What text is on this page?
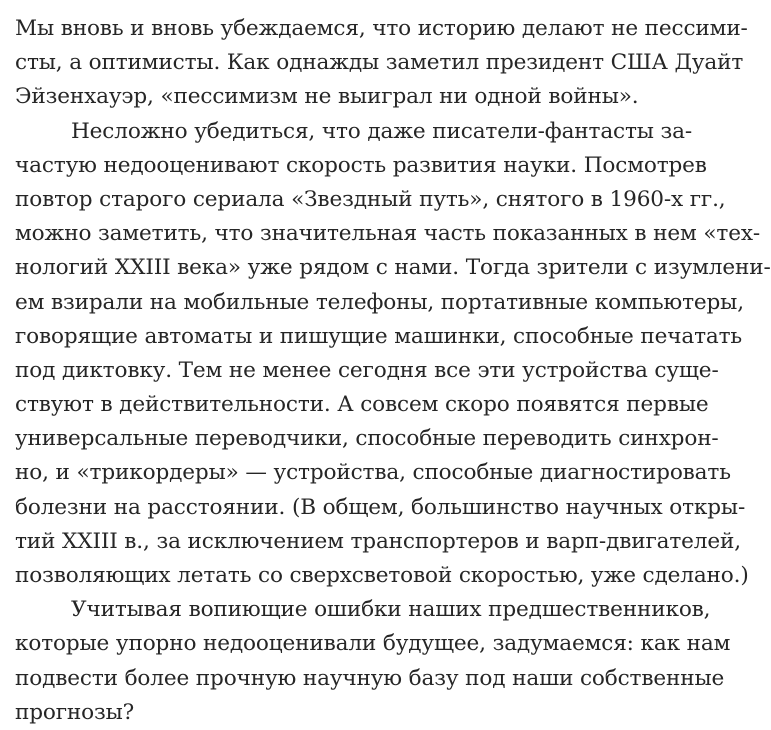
Мы вновь и вновь убеждаемся, что историю делают не пессими-
сты, а оптимисты. Как однажды заметил президент США Дуайт
Эйзенхауэр, «пессимизм не выиграл ни одной войны».

Несложно убедиться, что даже писатели-фантасты за-
частую недооценивают скорость развития науки. Посмотрев
повтор старого сериала «Звездный путь», снятого в 1960-х гг.,
можно заметить, что значительная часть показанных в нем «тех-
нологий XXIII века» уже рядом с нами. Тогда зрители с изумлени-
ем взирали на мобильные телефоны, портативные компьютеры,
говорящие автоматы и пишущие машинки, способные печатать
под диктовку. Тем не менее сегодня все эти устройства суще-
ствуют в действительности. А совсем скоро появятся первые
универсальные переводчики, способные переводить синхрон-
но, и «трикордеры» — устройства, способные диагностировать
болезни на расстоянии. (В общем, большинство научных откры-
тий XXIII в., за исключением транспортеров и варп-двигателей,
позволяющих летать со сверхсветовой скоростью, уже сделано.)

Учитывая вопиющие ошибки наших предшественников,
которые упорно недооценивали будущее, задумаемся: как нам
подвести более прочную научную базу под наши собственные
прогнозы?
